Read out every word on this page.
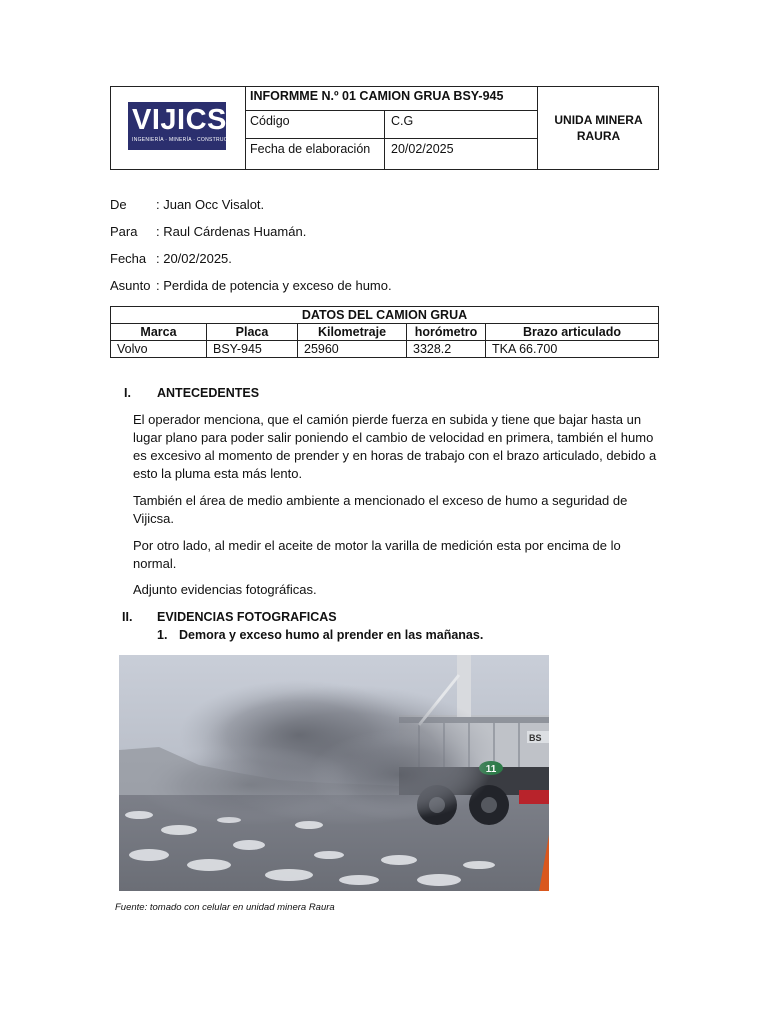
VIJICS
INGENIERÍA · MINERÍA · CONSTRUCCIÓN
INFORMME N.º 01 CAMION GRUA BSY-945
Código	C.G
Fecha de elaboración	20/02/2025
UNIDA MINERA RAURA
De : Juan Occ Visalot.
Para : Raul Cárdenas Huamán.
Fecha : 20/02/2025.
Asunto : Perdida de potencia y exceso de humo.
DATOS DEL CAMION GRUA				
Marca	Placa	Kilometraje	horómetro	Brazo articulado
Volvo	BSY-945	25960	3328.2	TKA 66.700
I. ANTECEDENTES
El operador menciona, que el camión pierde fuerza en subida y tiene que bajar hasta un lugar plano para poder salir poniendo el cambio de velocidad en primera, también el humo es excesivo al momento de prender y en horas de trabajo con el brazo articulado, debido a esto la pluma esta más lento.
También el área de medio ambiente a mencionado el exceso de humo a seguridad de Vijicsa.
Por otro lado, al medir el aceite de motor la varilla de medición esta por encima de lo normal.
Adjunto evidencias fotográficas.
II. EVIDENCIAS FOTOGRAFICAS
1. Demora y exceso humo al prender en las mañanas.
BS
Fuente: tomado con celular en unidad minera Raura
